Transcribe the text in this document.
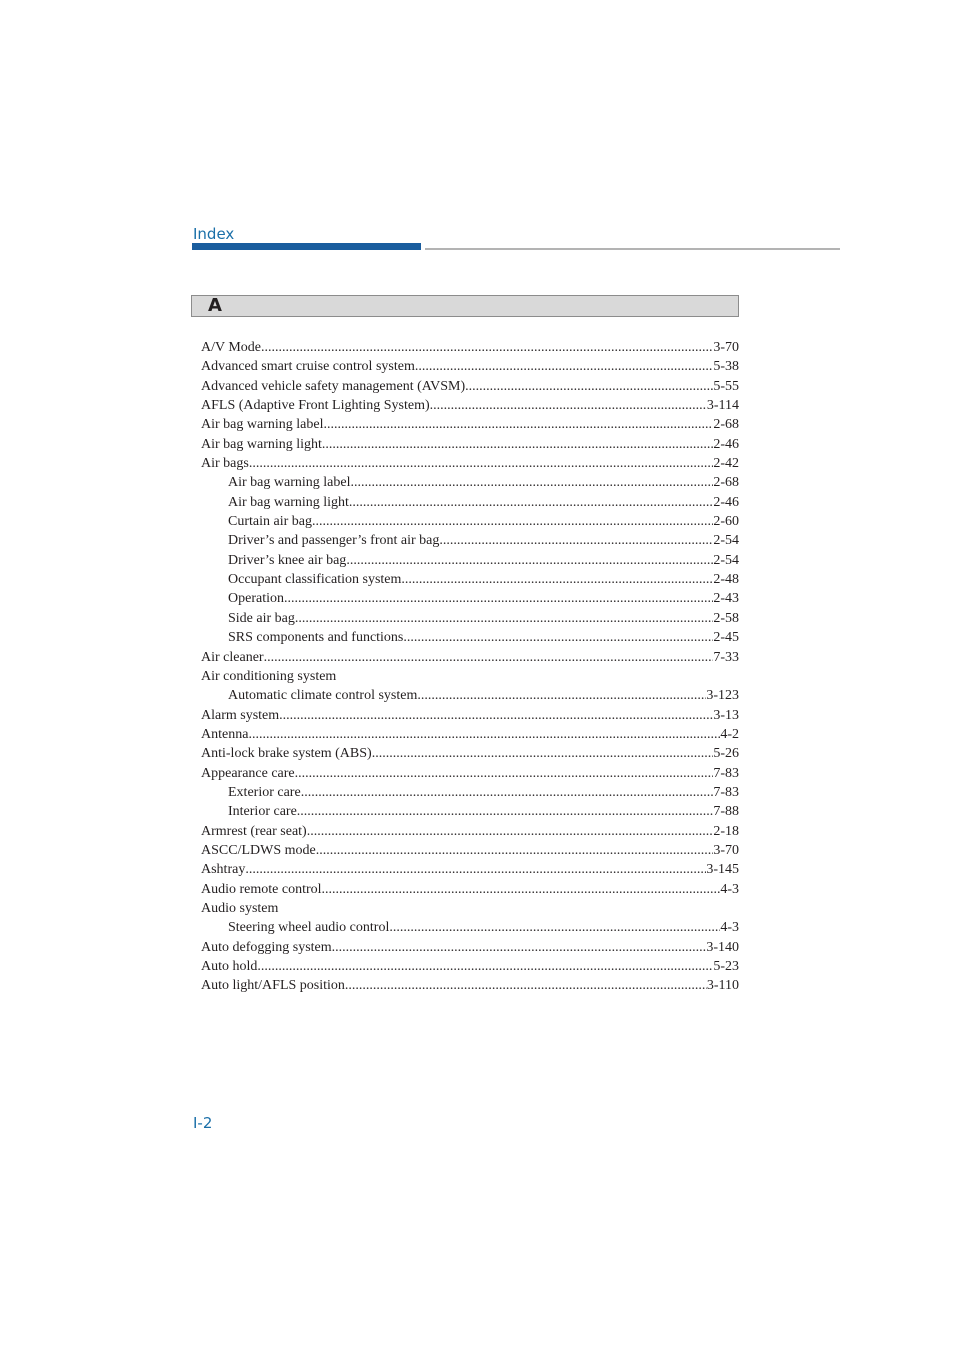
Index
A
A/V Mode .....	3-70
Advanced smart cruise control system .....	5-38
Advanced vehicle safety management (AVSM) .....	5-55
AFLS (Adaptive Front Lighting System) .....	3-114
Air bag warning label .....	2-68
Air bag warning light .....	2-46
Air bags .....	2-42
Air bag warning label .....	2-68
Air bag warning light .....	2-46
Curtain air bag .....	2-60
Driver’s and passenger’s front air bag .....	2-54
Driver’s knee air bag .....	2-54
Occupant classification system .....	2-48
Operation .....	2-43
Side air bag .....	2-58
SRS components and functions .....	2-45
Air cleaner .....	7-33
Air conditioning system
Automatic climate control system .....	3-123
Alarm system .....	3-13
Antenna .....	4-2
Anti-lock brake system (ABS) .....	5-26
Appearance care .....	7-83
Exterior care .....	7-83
Interior care .....	7-88
Armrest (rear seat) .....	2-18
ASCC/LDWS mode .....	3-70
Ashtray .....	3-145
Audio remote control .....	4-3
Audio system
Steering wheel audio control .....	4-3
Auto defogging system .....	3-140
Auto hold .....	5-23
Auto light/AFLS position .....	3-110
I-2
